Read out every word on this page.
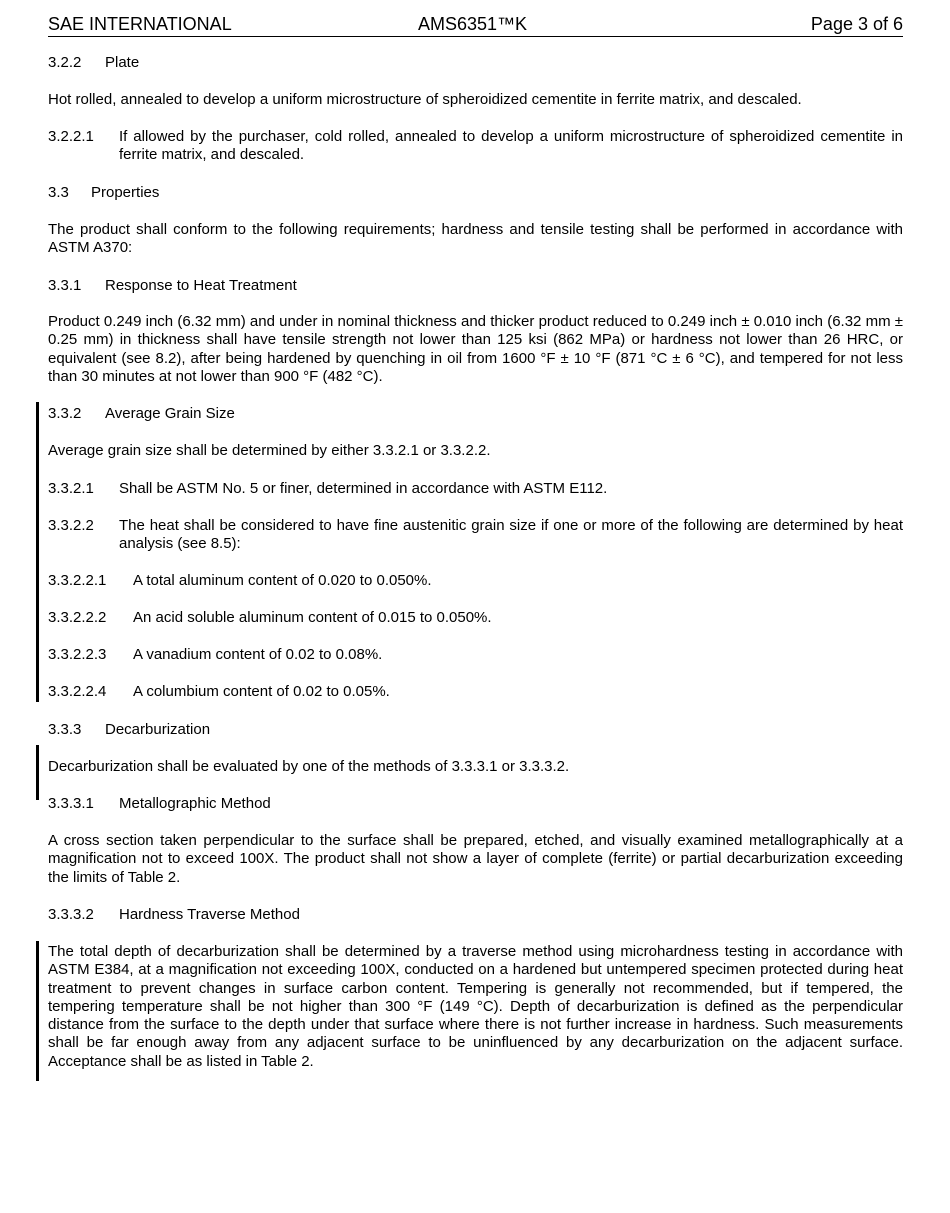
SAE INTERNATIONAL	AMS6351™K	Page 3 of 6
3.2.2 Plate
Hot rolled, annealed to develop a uniform microstructure of spheroidized cementite in ferrite matrix, and descaled.
3.2.2.1	If allowed by the purchaser, cold rolled, annealed to develop a uniform microstructure of spheroidized cementite in ferrite matrix, and descaled.
3.3 Properties
The product shall conform to the following requirements; hardness and tensile testing shall be performed in accordance with ASTM A370:
3.3.1 Response to Heat Treatment
Product 0.249 inch (6.32 mm) and under in nominal thickness and thicker product reduced to 0.249 inch ± 0.010 inch (6.32 mm ± 0.25 mm) in thickness shall have tensile strength not lower than 125 ksi (862 MPa) or hardness not lower than 26 HRC, or equivalent (see 8.2), after being hardened by quenching in oil from 1600 °F ± 10 °F (871 °C ± 6 °C), and tempered for not less than 30 minutes at not lower than 900 °F (482 °C).
3.3.2 Average Grain Size
Average grain size shall be determined by either 3.3.2.1 or 3.3.2.2.
3.3.2.1	Shall be ASTM No. 5 or finer, determined in accordance with ASTM E112.
3.3.2.2	The heat shall be considered to have fine austenitic grain size if one or more of the following are determined by heat analysis (see 8.5):
3.3.2.2.1	A total aluminum content of 0.020 to 0.050%.
3.3.2.2.2	An acid soluble aluminum content of 0.015 to 0.050%.
3.3.2.2.3	A vanadium content of 0.02 to 0.08%.
3.3.2.2.4	A columbium content of 0.02 to 0.05%.
3.3.3 Decarburization
Decarburization shall be evaluated by one of the methods of 3.3.3.1 or 3.3.3.2.
3.3.3.1 Metallographic Method
A cross section taken perpendicular to the surface shall be prepared, etched, and visually examined metallographically at a magnification not to exceed 100X. The product shall not show a layer of complete (ferrite) or partial decarburization exceeding the limits of Table 2.
3.3.3.2 Hardness Traverse Method
The total depth of decarburization shall be determined by a traverse method using microhardness testing in accordance with ASTM E384, at a magnification not exceeding 100X, conducted on a hardened but untempered specimen protected during heat treatment to prevent changes in surface carbon content. Tempering is generally not recommended, but if tempered, the tempering temperature shall be not higher than 300 °F (149 °C). Depth of decarburization is defined as the perpendicular distance from the surface to the depth under that surface where there is not further increase in hardness. Such measurements shall be far enough away from any adjacent surface to be uninfluenced by any decarburization on the adjacent surface. Acceptance shall be as listed in Table 2.
